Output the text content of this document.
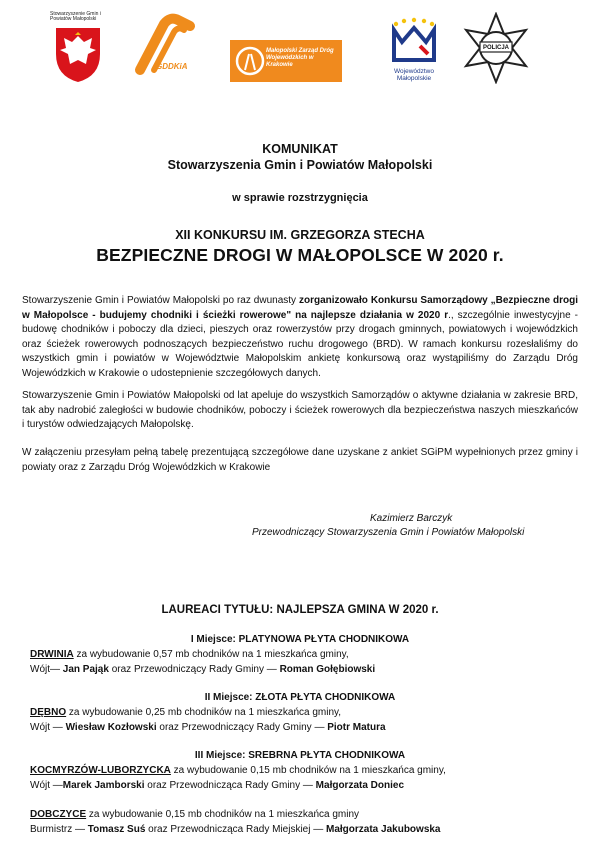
Stowarzyszenie Gmin i Powiatów Małopolski
GDDKiA
Małopolski Zarząd Dróg Wojewódzkich w Krakowie
Województwo Małopolskie
POLICJA
KOMUNIKAT
Stowarzyszenia Gmin i Powiatów Małopolski
w sprawie rozstrzygnięcia
XII KONKURSU IM. GRZEGORZA STECHA
BEZPIECZNE DROGI W MAŁOPOLSCE W 2020 r.
Stowarzyszenie Gmin i Powiatów Małopolski po raz dwunasty zorganizowało Konkursu Samorządowy „Bezpieczne drogi w Małopolsce - budujemy chodniki i ścieżki rowerowe" na najlepsze działania w 2020 r., szczególnie inwestycyjne - budowę chodników i poboczy dla dzieci, pieszych oraz rowerzystów przy drogach gminnych, powiatowych i wojewódzkich oraz ścieżek rowerowych podnoszących bezpieczeństwo ruchu drogowego (BRD). W ramach konkursu rozesłaliśmy do wszystkich gmin i powiatów w Województwie Małopolskim ankietę konkursową oraz wystąpiliśmy do Zarządu Dróg Wojewódzkich w Krakowie o udostepnienie szczegółowych danych.
Stowarzyszenie Gmin i Powiatów Małopolski od lat apeluje do wszystkich Samorządów o aktywne działania w zakresie BRD, tak aby nadrobić zaległości w budowie chodników, poboczy i ścieżek rowerowych dla bezpieczeństwa naszych mieszkańców i turystów odwiedzających Małopolskę.
W załączeniu przesyłam pełną tabelę prezentującą szczegółowe dane uzyskane z ankiet SGiPM wypełnionych przez gminy i powiaty oraz z Zarządu Dróg Wojewódzkich w Krakowie
Kazimierz Barczyk
Przewodniczący Stowarzyszenia Gmin i Powiatów Małopolski
LAUREACI TYTUŁU: NAJLEPSZA GMINA W 2020 r.
I Miejsce: PLATYNOWA PŁYTA CHODNIKOWA
DRWINIA za wybudowanie 0,57 mb chodników na 1 mieszkańca gminy,
Wójt— Jan Pająk oraz Przewodniczący Rady Gminy — Roman Gołębiowski
II Miejsce: ZŁOTA PŁYTA CHODNIKOWA
DĘBNO za wybudowanie 0,25 mb chodników na 1 mieszkańca gminy,
Wójt — Wiesław Kozłowski oraz Przewodniczący Rady Gminy — Piotr Matura
III Miejsce: SREBRNA PŁYTA CHODNIKOWA
KOCMYRZÓW-LUBORZYCKA za wybudowanie 0,15 mb chodników na 1 mieszkańca gminy,
Wójt —Marek Jamborski oraz Przewodnicząca Rady Gminy — Małgorzata Doniec
DOBCZYCE za wybudowanie 0,15 mb chodników na 1 mieszkańca gminy
Burmistrz — Tomasz Suś oraz Przewodnicząca Rady Miejskiej — Małgorzata Jakubowska
